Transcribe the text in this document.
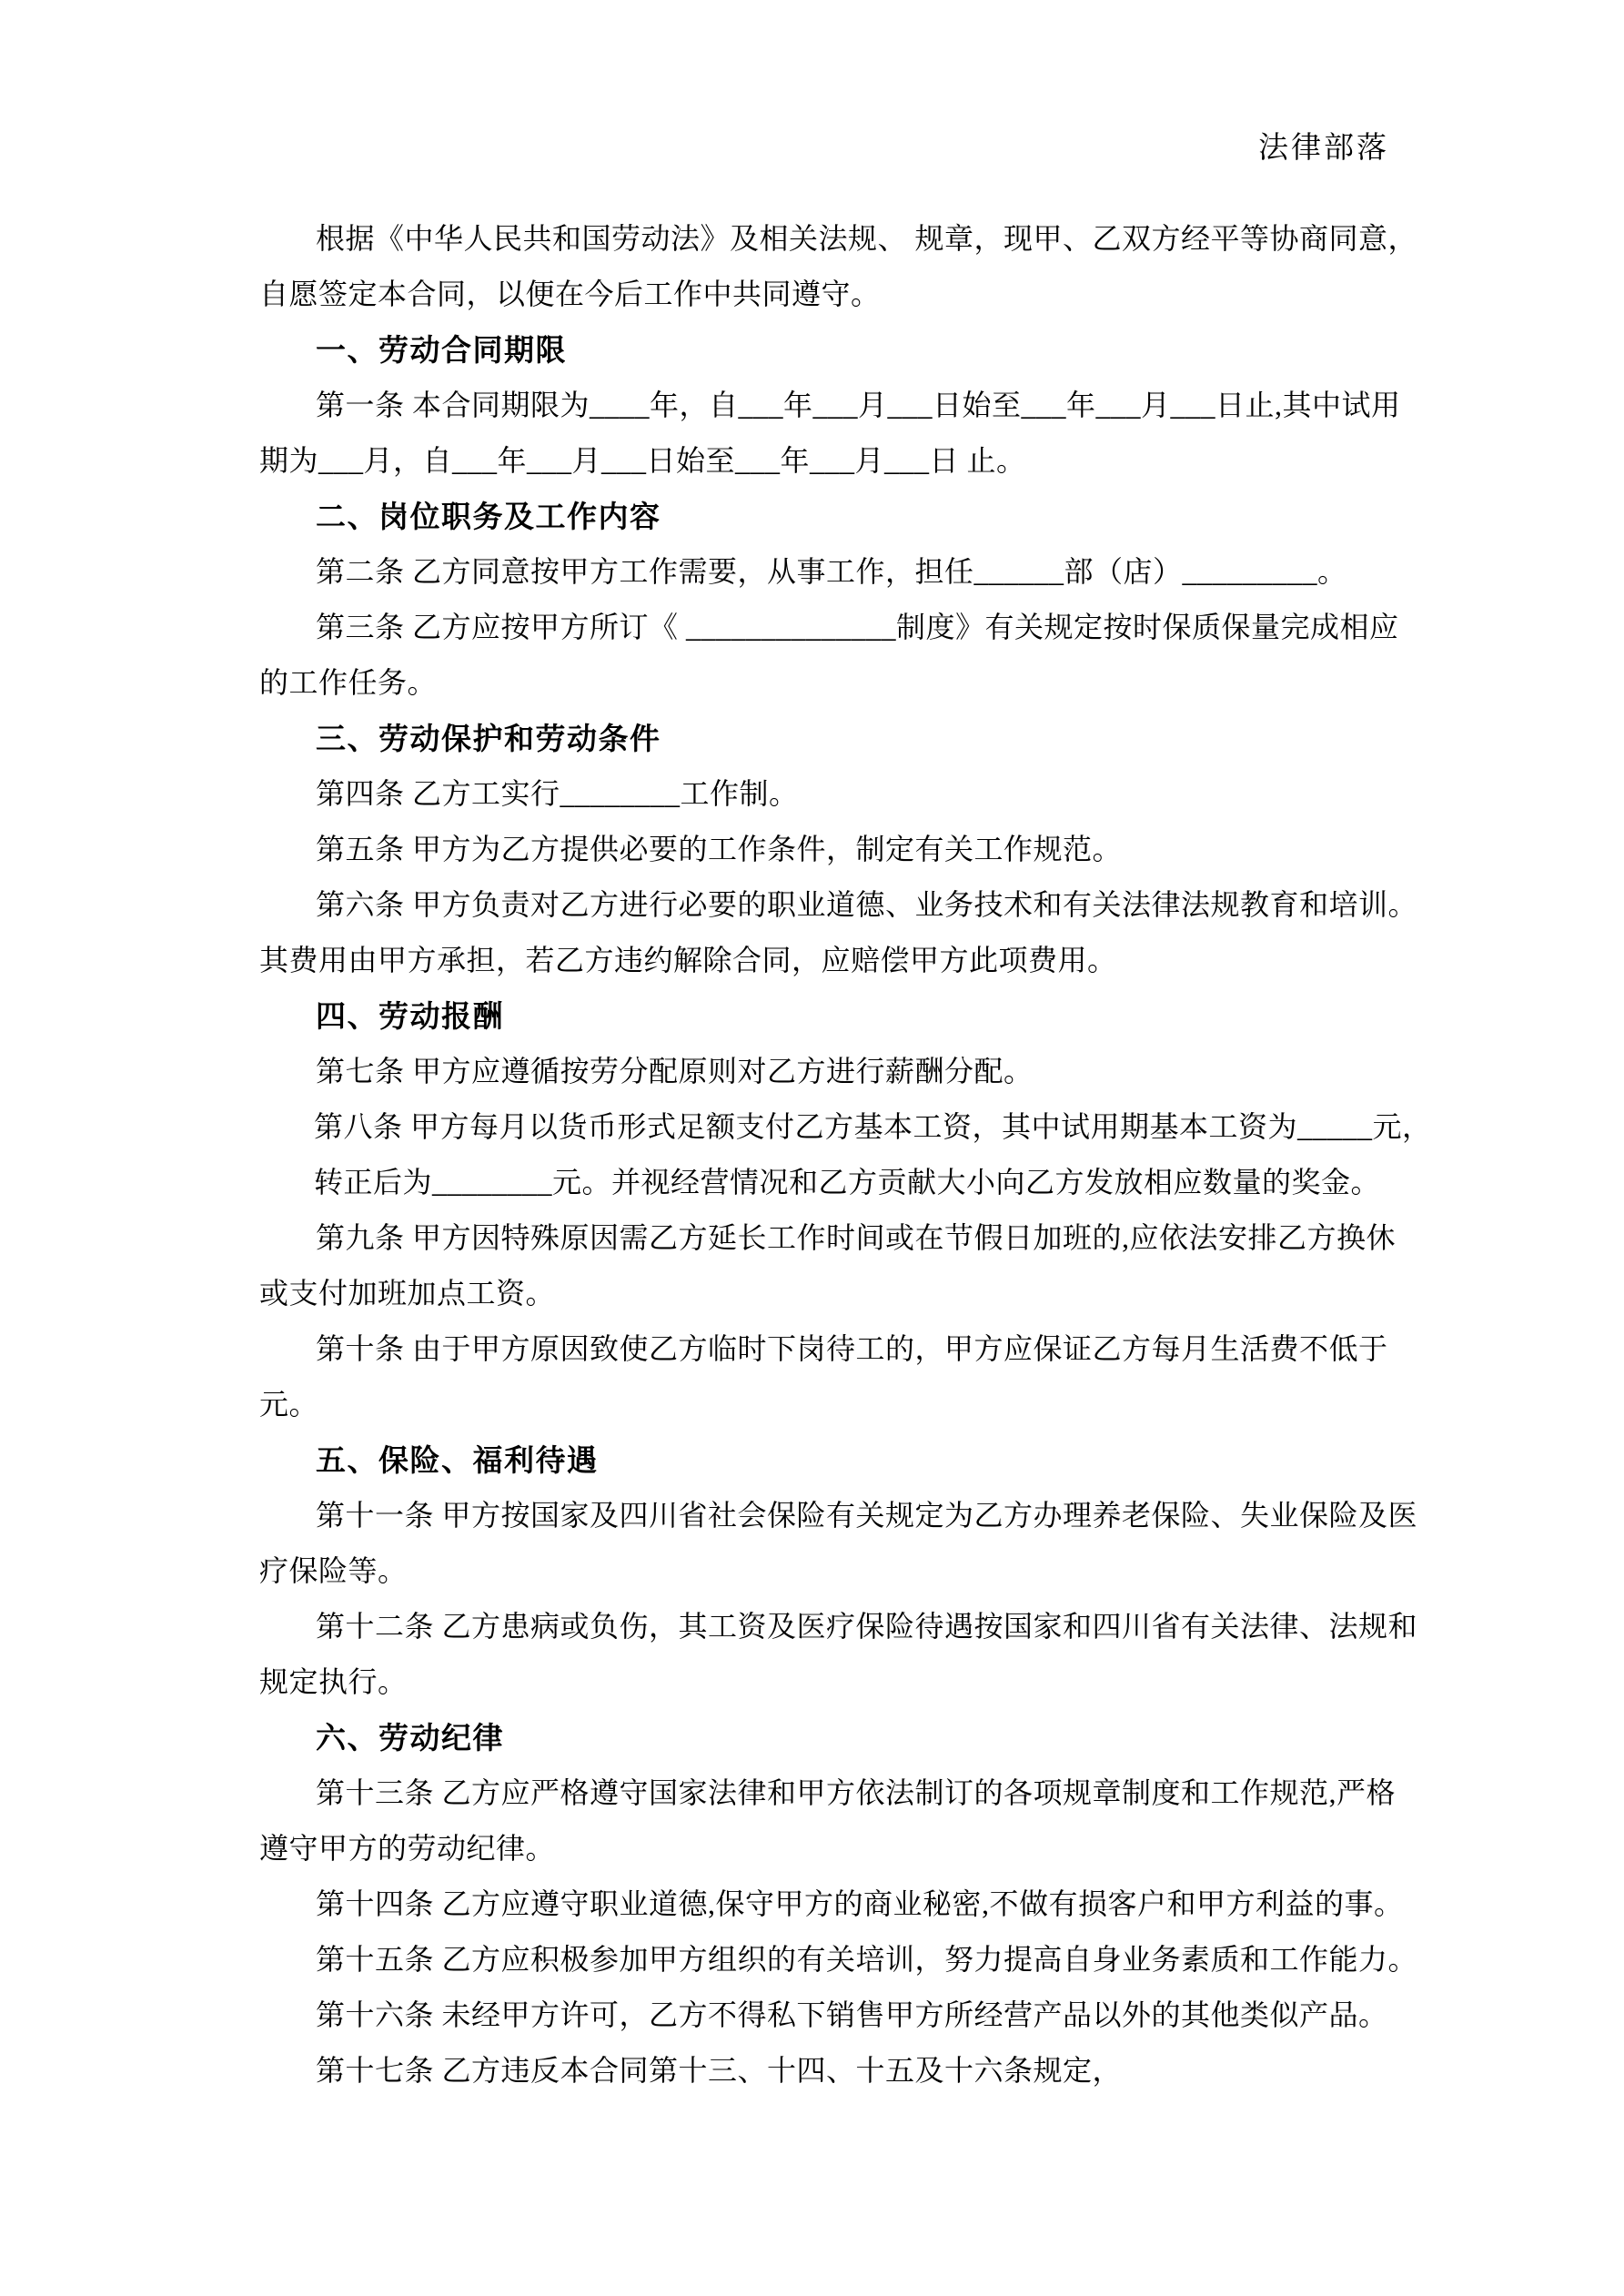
法律部落
根据《中华人民共和国劳动法》及相关法规、 规章，现甲、乙双方经平等协商同意，
自愿签定本合同，以便在今后工作中共同遵守。
一、劳动合同期限
第一条 本合同期限为____年，自___年___月___日始至___年___月___日止,其中试用
期为___月，自___年___月___日始至___年___月___日 止。
二、岗位职务及工作内容
第二条 乙方同意按甲方工作需要，从事工作，担任______部（店）_________。
第三条 乙方应按甲方所订《 ______________制度》有关规定按时保质保量完成相应
的工作任务。
三、劳动保护和劳动条件
第四条 乙方工实行________工作制。
第五条 甲方为乙方提供必要的工作条件，制定有关工作规范。
第六条 甲方负责对乙方进行必要的职业道德、业务技术和有关法律法规教育和培训。
其费用由甲方承担，若乙方违约解除合同，应赔偿甲方此项费用。
四、劳动报酬
第七条 甲方应遵循按劳分配原则对乙方进行薪酬分配。
第八条 甲方每月以货币形式足额支付乙方基本工资，其中试用期基本工资为_____元，
转正后为________元。并视经营情况和乙方贡献大小向乙方发放相应数量的奖金。
第九条 甲方因特殊原因需乙方延长工作时间或在节假日加班的,应依法安排乙方换休
或支付加班加点工资。
第十条 由于甲方原因致使乙方临时下岗待工的，甲方应保证乙方每月生活费不低于
元。
五、保险、福利待遇
第十一条 甲方按国家及四川省社会保险有关规定为乙方办理养老保险、失业保险及医
疗保险等。
第十二条 乙方患病或负伤，其工资及医疗保险待遇按国家和四川省有关法律、法规和
规定执行。
六、劳动纪律
第十三条 乙方应严格遵守国家法律和甲方依法制订的各项规章制度和工作规范,严格
遵守甲方的劳动纪律。
第十四条 乙方应遵守职业道德,保守甲方的商业秘密,不做有损客户和甲方利益的事。
第十五条 乙方应积极参加甲方组织的有关培训，努力提高自身业务素质和工作能力。
第十六条 未经甲方许可，乙方不得私下销售甲方所经营产品以外的其他类似产品。
第十七条 乙方违反本合同第十三、十四、十五及十六条规定，
